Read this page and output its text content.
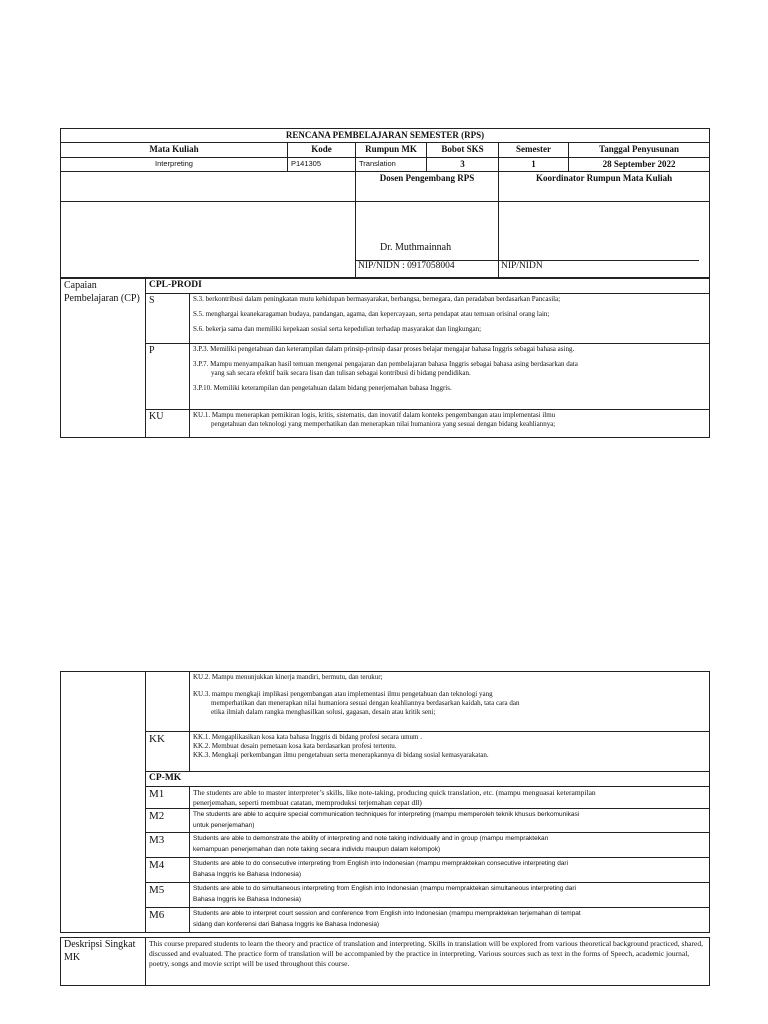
RENCANA PEMBELAJARAN SEMESTER (RPS)						
Mata Kuliah	Kode	Rumpun MK	Bobot SKS	Semester	Tanggal Penyusunan	
Interpreting	P141305	Translation	3	1	28 September 2022	
		Dosen Pengembang RPS		Koordinator Rumpun Mata Kuliah	

		Dr. Muthmainnah
NIP/NIDN : 0917058004		NIP/NIDN

Capaian Pembelajaran (CP)	CPL-PRODI	
	S	S.3. berkontribusi dalam peningkatan mutu kehidupan bermasyarakat, berbangsa, bernegara, dan peradaban berdasarkan Pancasila;

S.5. menghargai keanekaragaman budaya, pandangan, agama, dan kepercayaan, serta pendapat atau temuan orisinal orang lain;

S.6. bekerja sama dan memiliki kepekaan sosial serta kepedulian terhadap masyarakat dan lingkungan;

	P	3.P.3. Memiliki pengetahuan dan keterampilan dalam prinsip-prinsip dasar proses belajar mengajar bahasa Inggris sebagai bahasa asing.

3.P.7. Mampu menyampaikan hasil temuan mengenai pengajaran dan pembelajaran bahasa Inggris sebagai bahasa asing berdasarkan data

yang sah secara efektif baik secara lisan dan tulisan sebagai kontribusi di bidang pendidikan.

3.P.10. Memiliki keterampilan dan pengetahuan dalam bidang penerjemahan bahasa Inggris.

	KU	KU.1. Mampu menerapkan pemikiran logis, kritis, sistematis, dan inovatif dalam konteks pengembangan atau implementasi ilmu
pengetahuan dan teknologi yang memperhatikan dan menerapkan nilai humaniora yang sesuai dengan bidang keahliannya;

		KU.2. Mampu menunjukkan kinerja mandiri, bermutu, dan terukur;

KU.3. mampu mengkaji implikasi pengembangan atau implementasi ilmu pengetahuan dan teknologi yang
memperhatikan dan menerapkan nilai humaniora sesuai dengan keahliannya berdasarkan kaidah, tata cara dan
etika ilmiah dalam rangka menghasilkan solusi, gagasan, desain atau kritik seni;

	KK	KK.1. Mengaplikasikan kosa kata bahasa Inggris di bidang profesi secara umum .
KK.2. Membuat desain pemetaan kosa kata berdasarkan profesi tertentu.
KK.3. Mengkaji perkembangan ilmu pengetahuan serta menerapkannya di bidang sosial kemasyarakatan.

	CP-MK	
	M1	The students are able to master interpreter’s skills, like note-taking, producing quick translation, etc. (mampu menguasai keterampilan
penerjemahan, seperti membuat catatan, memproduksi terjemahan cepat dll)

	M2	The students are able to acquire special communication techniques for interpreting (mampu memperoleh teknik khusus berkomunikasi
untuk penerjemahan)

	M3	Students are able to demonstrate the ability of interpreting and note taking individually and in group (mampu mempraktekan
kemampuan penerjemahan dan note taking secara individu maupun dalam kelompok)

	M4	Students are able to do consecutive interpreting from English into Indonesian (mampu mempraktekan consecutive interpreting dari
Bahasa Inggris ke Bahasa Indonesia)

	M5	Students are able to do simultaneous interpreting from English into Indonesian (mampu mempraktekan simultaneous interpreting dari
Bahasa Inggris ke Bahasa Indonesia)

	M6	Students are able to interpret court session and conference from English into Indonesian (mampu mempraktekan terjemahan di tempat
sidang dan konferensi dari Bahasa Inggris ke Bahasa Indonesia)
Deskripsi Singkat MK	This course prepared students to learn the theory and practice of translation and interpreting. Skills in translation will be explored from various theoretical background practiced, shared, discussed and evaluated. The practice form of translation will be accompanied by the practice in interpreting. Various sources such as text in the forms of Speech, academic journal, poetry, songs and movie script will be used throughout this course.
